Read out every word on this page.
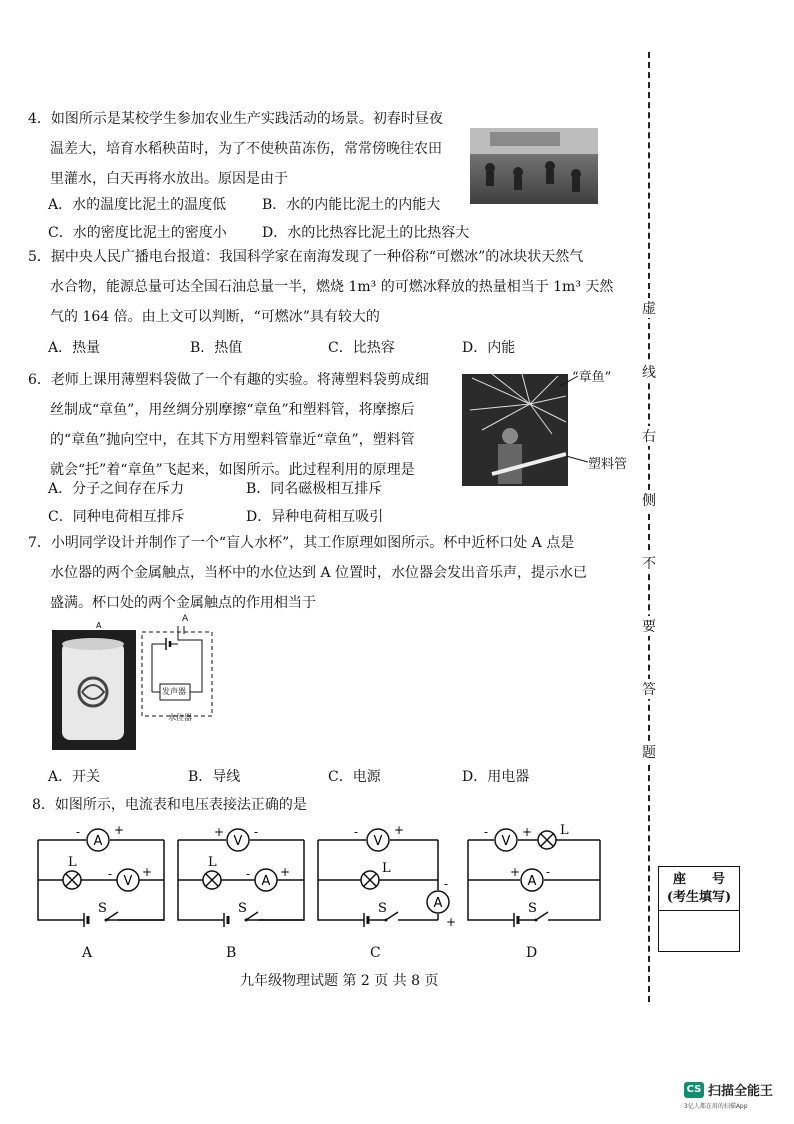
虚
线
右
侧
不
要
答
题
4．如图所示是某校学生参加农业生产实践活动的场景。初春时昼夜
温差大，培育水稻秧苗时，为了不使秧苗冻伤，常常傍晚往农田
里灌水，白天再将水放出。原因是由于
A．水的温度比泥土的温度低	B．水的内能比泥土的内能大
C．水的密度比泥土的密度小	D．水的比热容比泥土的比热容大
5．据中央人民广播电台报道：我国科学家在南海发现了一种俗称“可燃冰”的冰块状天然气
水合物，能源总量可达全国石油总量一半，燃烧 1m³ 的可燃冰释放的热量相当于 1m³ 天然
气的 164 倍。由上文可以判断，“可燃冰”具有较大的
A．热量	B．热值	C．比热容	D．内能
6．老师上课用薄塑料袋做了一个有趣的实验。将薄塑料袋剪成细
丝制成“章鱼”，用丝绸分别摩擦“章鱼”和塑料管，将摩擦后
的“章鱼”抛向空中，在其下方用塑料管靠近“章鱼”，塑料管
就会“托”着“章鱼”飞起来，如图所示。此过程利用的原理是
“章鱼”
塑料管
A．分子之间存在斥力	B．同名磁极相互排斥
C．同种电荷相互排斥	D．异种电荷相互吸引
7．小明同学设计并制作了一个“盲人水杯”，其工作原理如图所示。杯中近杯口处 A 点是
水位器的两个金属触点，当杯中的水位达到 A 位置时，水位器会发出音乐声，提示水已
盛满。杯口处的两个金属触点的作用相当于
A
A
发声器
水位器
A．开关	B．导线	C．电源	D．用电器
8．如图所示，电流表和电压表接法正确的是
A
V
L
S
-	+
- +
V
A
L
S
+ -
- +
V
A
L
S
-	+
-
+
V
A
L
S
-	+
+ -
A	B	C	D
座　　号
(考生填写)
九年级物理试题 第 2 页 共 8 页
CS 扫描全能王
3亿人都在用的扫描App
